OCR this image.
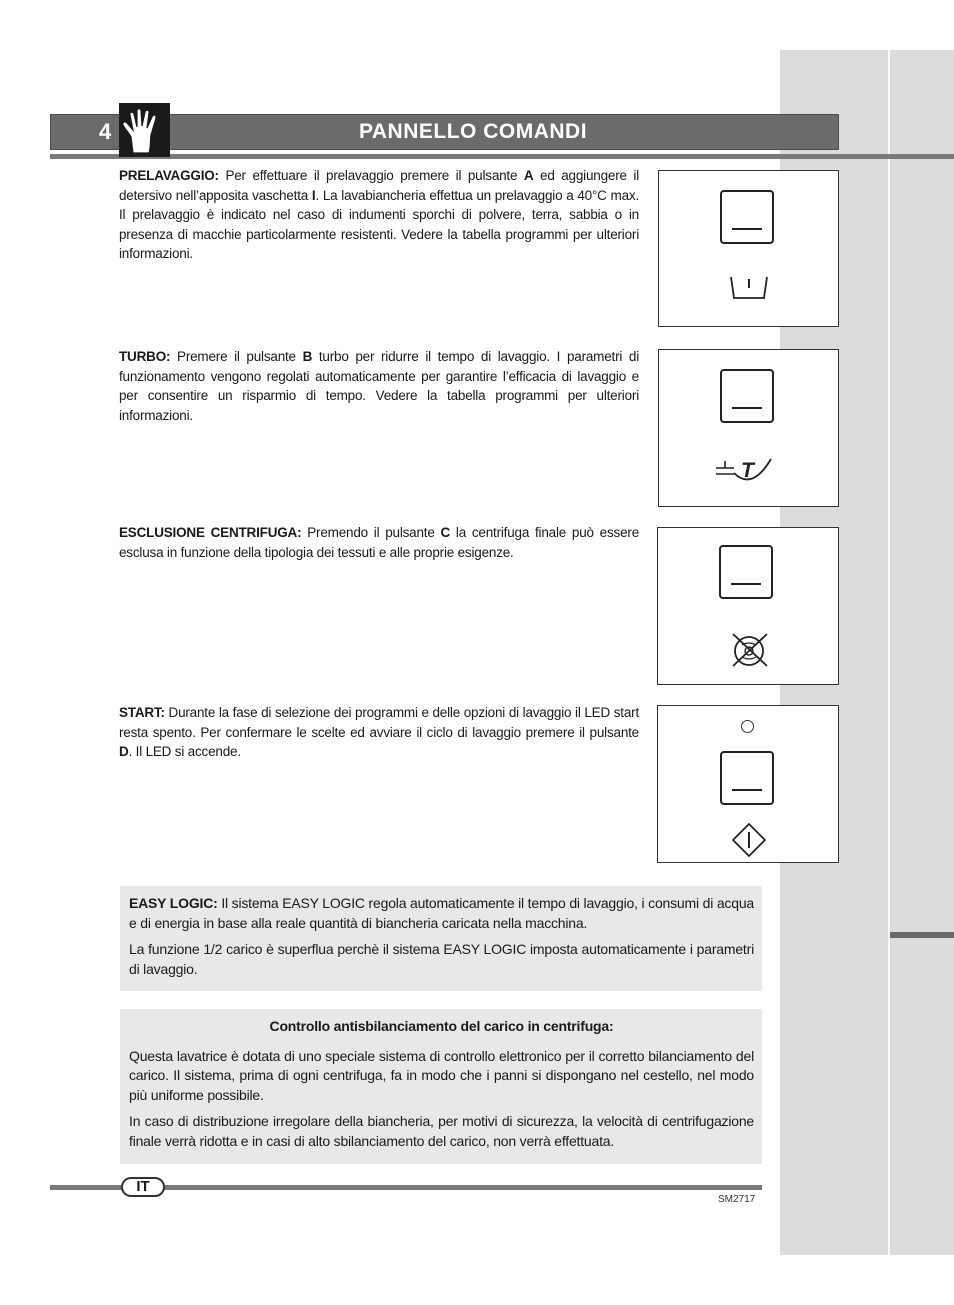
4	PANNELLO COMANDI
PRELAVAGGIO: Per effettuare il prelavaggio premere il pulsante A ed aggiungere il detersivo nell’apposita vaschetta I. La lavabiancheria effettua un prelavaggio a 40°C max. Il prelavaggio è indicato nel caso di indumenti sporchi di polvere, terra, sabbia o in presenza di macchie particolarmente resistenti. Vedere la tabella programmi per ulteriori informazioni.
TURBO: Premere il pulsante B turbo per ridurre il tempo di lavaggio. I parametri di funzionamento vengono regolati automaticamente per garantire l’efficacia di lavaggio e per consentire un risparmio di tempo. Vedere la tabella programmi per ulteriori informazioni.
T
ESCLUSIONE CENTRIFUGA: Premendo il pulsante C la centrifuga finale può essere esclusa in funzione della tipologia dei tessuti e alle proprie esigenze.
START: Durante la fase di selezione dei programmi e delle opzioni di lavaggio il LED start resta spento. Per confermare le scelte ed avviare il ciclo di lavaggio premere il pulsante D. Il LED si accende.

EASY LOGIC: Il sistema EASY LOGIC regola automaticamente il tempo di lavaggio, i consumi di acqua e di energia in base alla reale quantità di biancheria caricata nella macchina.

La funzione 1/2 carico è superflua perchè il sistema EASY LOGIC imposta automaticamente i parametri di lavaggio.

Controllo antisbilanciamento del carico in centrifuga:

Questa lavatrice è dotata di uno speciale sistema di controllo elettronico per il corretto bilanciamento del carico. Il sistema, prima di ogni centrifuga, fa in modo che i panni si dispongano nel cestello, nel modo più uniforme possibile.

In caso di distribuzione irregolare della biancheria, per motivi di sicurezza, la velocità di centrifugazione finale verrà ridotta e in casi di alto sbilanciamento del carico, non verrà effettuata.

IT
SM2717
